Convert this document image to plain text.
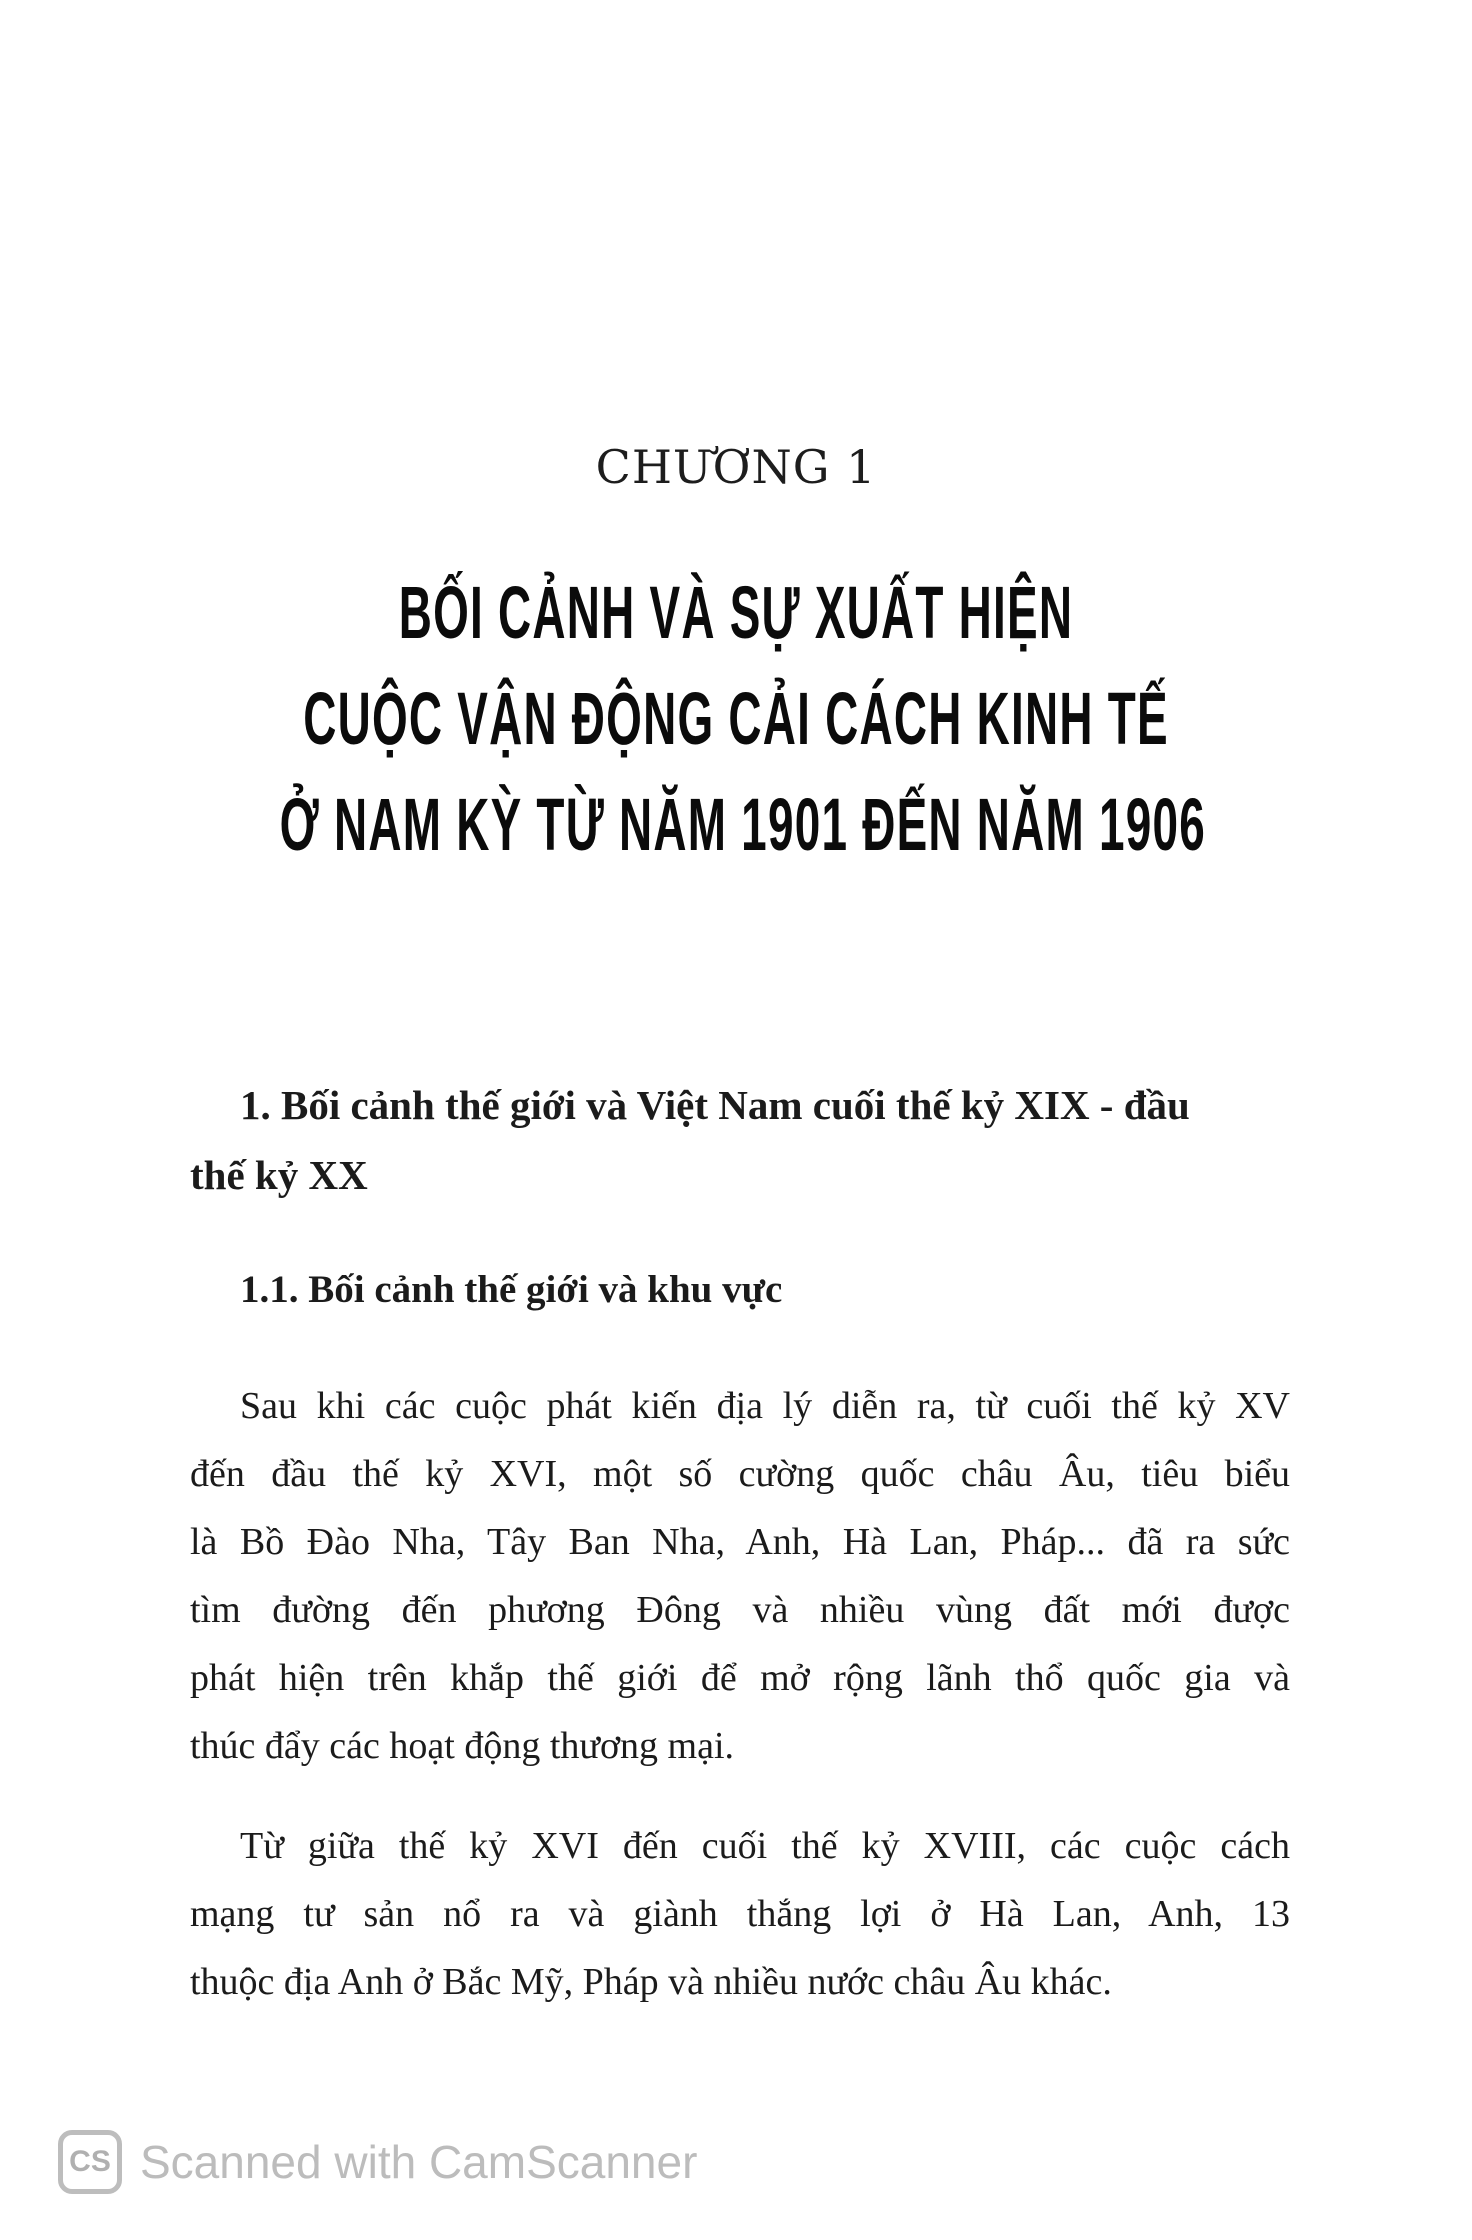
CHƯƠNG 1
BỐI CẢNH VÀ SỰ XUẤT HIỆN
CUỘC VẬN ĐỘNG CẢI CÁCH KINH TẾ
Ở NAM KỲ TỪ NĂM 1901 ĐẾN NĂM 1906
1. Bối cảnh thế giới và Việt Nam cuối thế kỷ XIX - đầu
thế kỷ XX
1.1. Bối cảnh thế giới và khu vực
Sau khi các cuộc phát kiến địa lý diễn ra, từ cuối thế kỷ XV
đến đầu thế kỷ XVI, một số cường quốc châu Âu, tiêu biểu
là Bồ Đào Nha, Tây Ban Nha, Anh, Hà Lan, Pháp... đã ra sức
tìm đường đến phương Đông và nhiều vùng đất mới được
phát hiện trên khắp thế giới để mở rộng lãnh thổ quốc gia và
thúc đẩy các hoạt động thương mại.
Từ giữa thế kỷ XVI đến cuối thế kỷ XVIII, các cuộc cách
mạng tư sản nổ ra và giành thắng lợi ở Hà Lan, Anh, 13
thuộc địa Anh ở Bắc Mỹ, Pháp và nhiều nước châu Âu khác.
CS Scanned with CamScanner
